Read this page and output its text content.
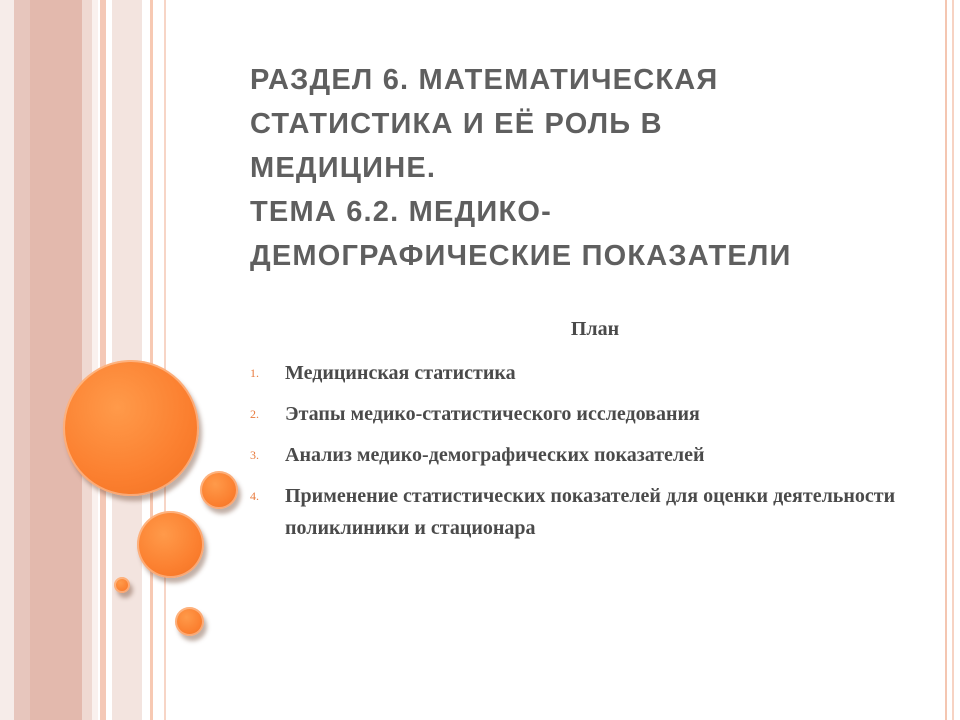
РАЗДЕЛ 6. МАТЕМАТИЧЕСКАЯ
СТАТИСТИКА И ЕЁ РОЛЬ В
МЕДИЦИНЕ.
ТЕМА 6.2. МЕДИКО-
ДЕМОГРАФИЧЕСКИЕ ПОКАЗАТЕЛИ
План
1. Медицинская статистика
2. Этапы медико-статистического исследования
3. Анализ медико-демографических показателей
4. Применение статистических показателей для оценки деятельности поликлиники и стационара
